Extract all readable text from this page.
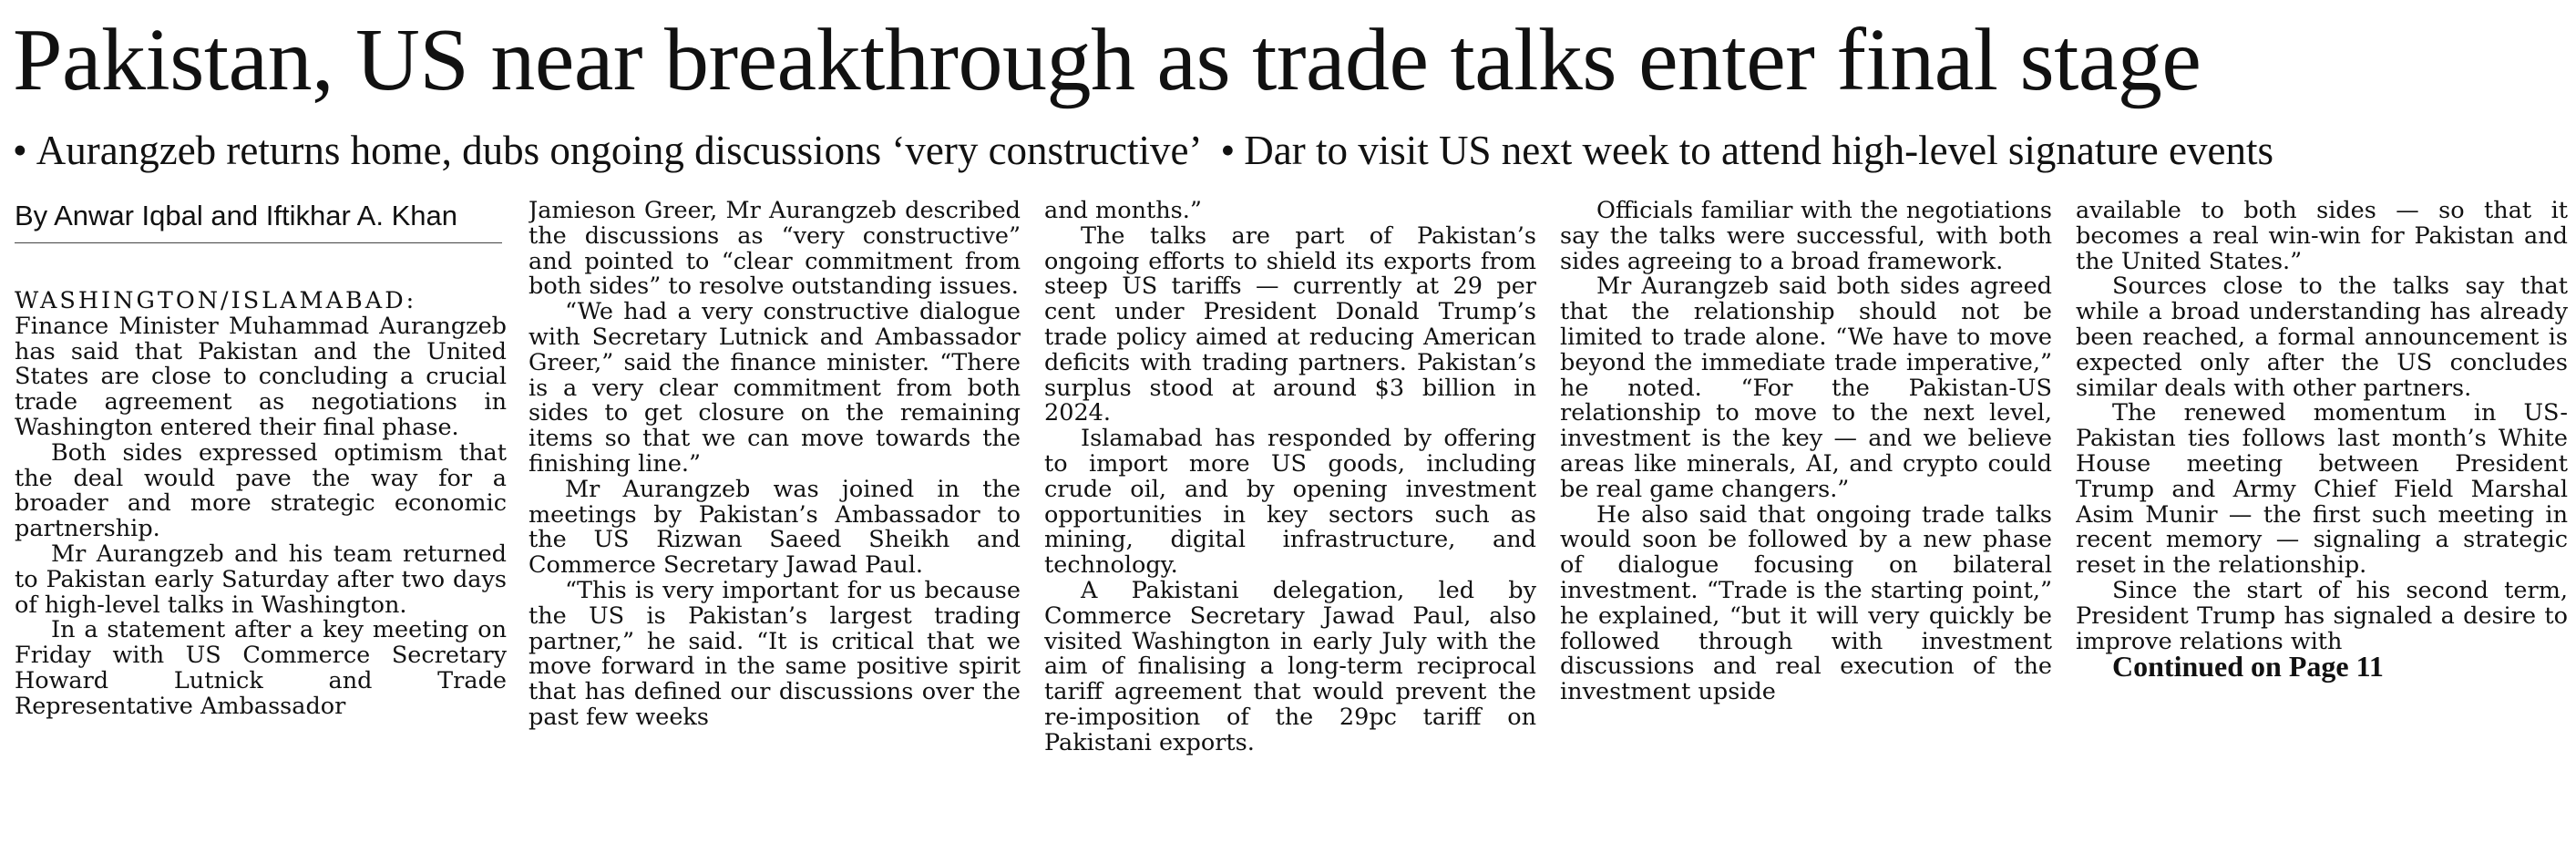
Pakistan, US near breakthrough as trade talks enter final stage
• Aurangzeb returns home, dubs ongoing discussions ‘very constructive’ • Dar to visit US next week to attend high-level signature events
By Anwar Iqbal and Iftikhar A. Khan

WASHINGTON/ISLAMABAD: Finance Minister Muhammad Aurangzeb has said that Pakistan and the United States are close to concluding a crucial trade agreement as negotiations in Washington entered their final phase.

Both sides expressed optimism that the deal would pave the way for a broader and more strategic economic partnership.

Mr Aurangzeb and his team returned to Pakistan early Saturday after two days of high-level talks in Washington.

In a statement after a key meeting on Friday with US Commerce Secretary Howard Lutnick and Trade Representative Ambassador

Jamieson Greer, Mr Aurangzeb described the discussions as “very constructive” and pointed to “clear commitment from both sides” to resolve outstanding issues.

“We had a very constructive dialogue with Secretary Lutnick and Ambassador Greer,” said the finance minister. “There is a very clear commitment from both sides to get closure on the remaining items so that we can move towards the finishing line.”

Mr Aurangzeb was joined in the meetings by Pakistan’s Ambassador to the US Rizwan Saeed Sheikh and Commerce Secretary Jawad Paul.

“This is very important for us because the US is Pakistan’s largest trading partner,” he said. “It is critical that we move forward in the same positive spirit that has defined our discussions over the past few weeks

and months.”

The talks are part of Pakistan’s ongoing efforts to shield its exports from steep US tariffs — currently at 29 per cent under President Donald Trump’s trade policy aimed at reducing American deficits with trading partners. Pakistan’s surplus stood at around $3 billion in 2024.

Islamabad has responded by offering to import more US goods, including crude oil, and by opening investment opportunities in key sectors such as mining, digital infrastructure, and technology.

A Pakistani delegation, led by Commerce Secretary Jawad Paul, also visited Washington in early July with the aim of finalising a long-term reciprocal tariff agreement that would prevent the re-imposition of the 29pc tariff on Pakistani exports.

Officials familiar with the negotiations say the talks were successful, with both sides agreeing to a broad framework.

Mr Aurangzeb said both sides agreed that the relationship should not be limited to trade alone. “We have to move beyond the immediate trade imperative,” he noted. “For the Pakistan-US relationship to move to the next level, investment is the key — and we believe areas like minerals, AI, and crypto could be real game changers.”

He also said that ongoing trade talks would soon be followed by a new phase of dialogue focusing on bilateral investment. “Trade is the starting point,” he explained, “but it will very quickly be followed through with investment discussions and real execution of the investment upside

available to both sides — so that it becomes a real win-win for Pakistan and the United States.”

Sources close to the talks say that while a broad understanding has already been reached, a formal announcement is expected only after the US concludes similar deals with other partners.

The renewed momentum in US-Pakistan ties follows last month’s White House meeting between President Trump and Army Chief Field Marshal Asim Munir — the first such meeting in recent memory — signaling a strategic reset in the relationship.

Since the start of his second term, President Trump has signaled a desire to improve relations with

Continued on Page 11
